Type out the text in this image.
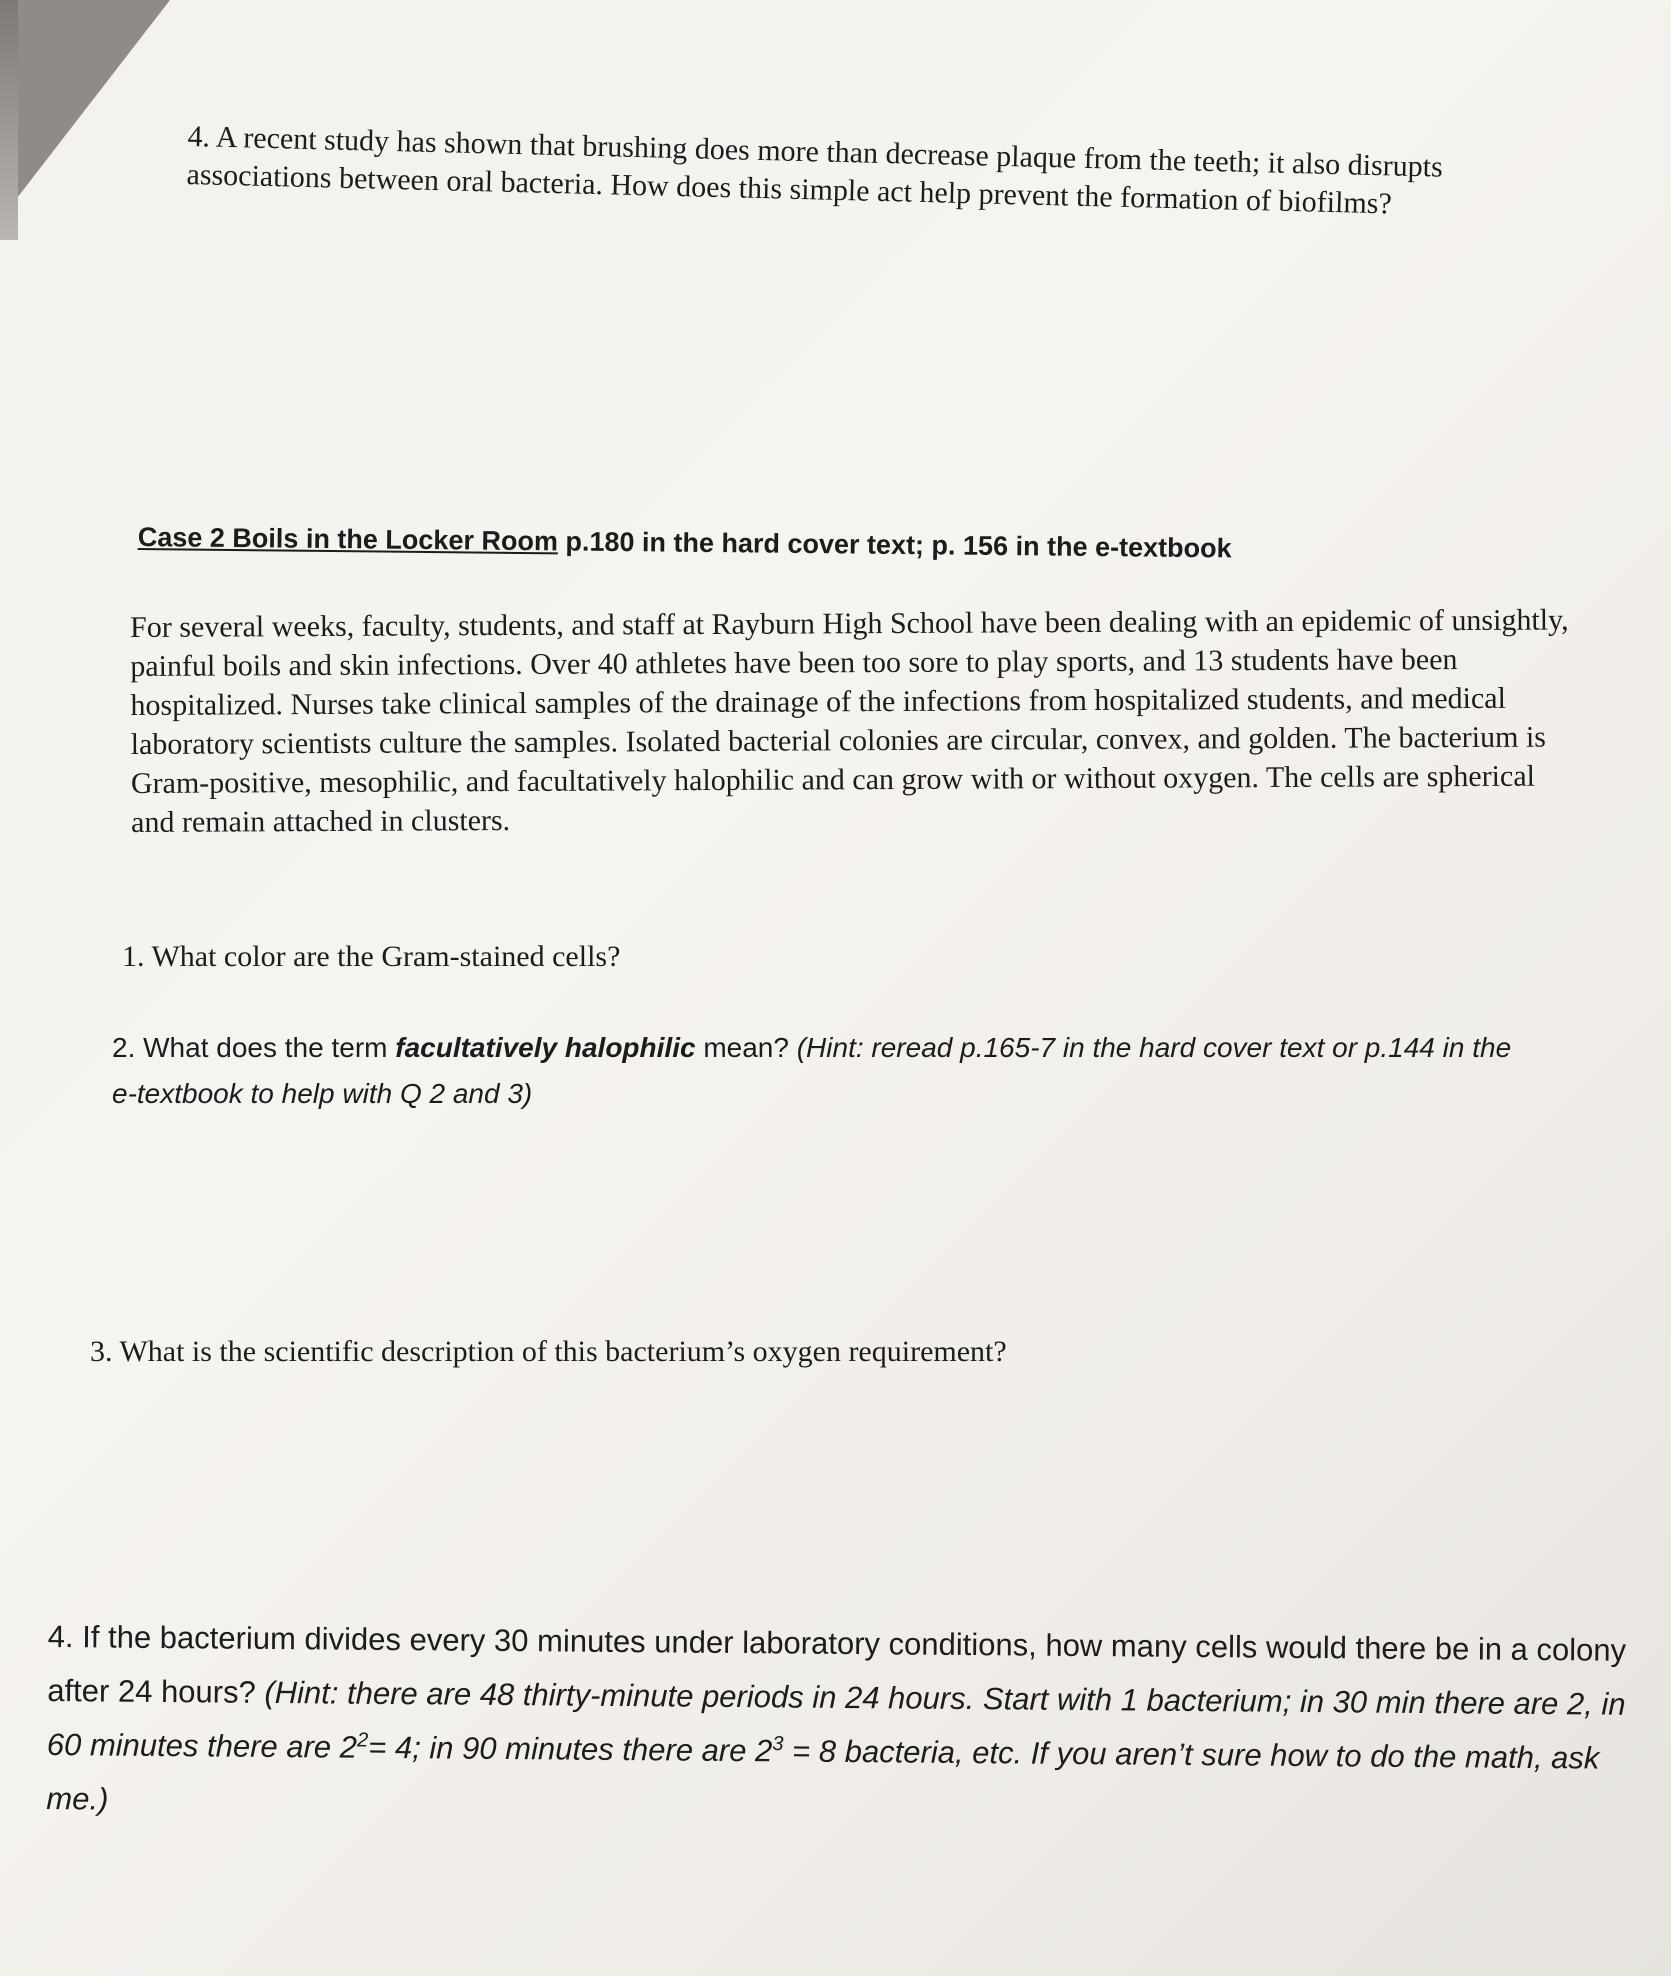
4. A recent study has shown that brushing does more than decrease plaque from the teeth; it also disrupts associations between oral bacteria. How does this simple act help prevent the formation of biofilms?

Case 2 Boils in the Locker Room p.180 in the hard cover text; p. 156 in the e-textbook

For several weeks, faculty, students, and staff at Rayburn High School have been dealing with an epidemic of unsightly, painful boils and skin infections. Over 40 athletes have been too sore to play sports, and 13 students have been hospitalized. Nurses take clinical samples of the drainage of the infections from hospitalized students, and medical laboratory scientists culture the samples. Isolated bacterial colonies are circular, convex, and golden. The bacterium is Gram-positive, mesophilic, and facultatively halophilic and can grow with or without oxygen. The cells are spherical and remain attached in clusters.

1. What color are the Gram-stained cells?

2. What does the term facultatively halophilic mean? (Hint: reread p.165-7 in the hard cover text or p.144 in the e-textbook to help with Q 2 and 3)

3. What is the scientific description of this bacterium’s oxygen requirement?

4. If the bacterium divides every 30 minutes under laboratory conditions, how many cells would there be in a colony after 24 hours? (Hint: there are 48 thirty-minute periods in 24 hours. Start with 1 bacterium; in 30 min there are 2, in 60 minutes there are $2^2= 4$; in 90 minutes there are $2^3 = 8$ bacteria, etc. If you aren’t sure how to do the math, ask me.)
